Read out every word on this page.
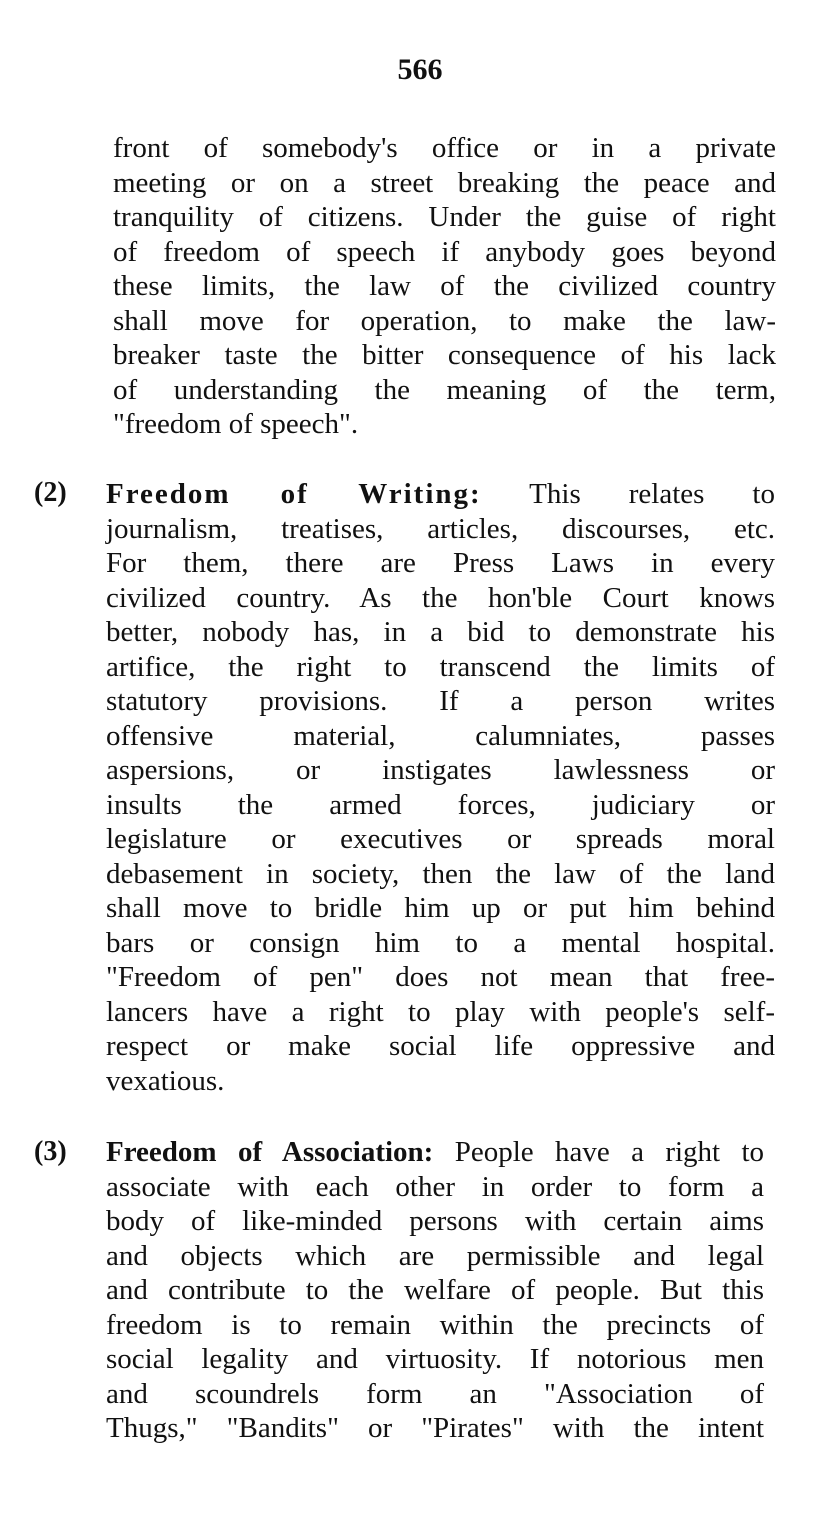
566
front of somebody's office or in a private
meeting or on a street breaking the peace and
tranquility of citizens. Under the guise of right
of freedom of speech if anybody goes beyond
these limits, the law of the civilized country
shall move for operation, to make the law-
breaker taste the bitter consequence of his lack
of understanding the meaning of the term,
"freedom of speech".
(2) Freedom of Writing: This relates to
journalism, treatises, articles, discourses, etc.
For them, there are Press Laws in every
civilized country. As the hon'ble Court knows
better, nobody has, in a bid to demonstrate his
artifice, the right to transcend the limits of
statutory provisions. If a person writes
offensive material, calumniates, passes
aspersions, or instigates lawlessness or
insults the armed forces, judiciary or
legislature or executives or spreads moral
debasement in society, then the law of the land
shall move to bridle him up or put him behind
bars or consign him to a mental hospital.
"Freedom of pen" does not mean that free-
lancers have a right to play with people's self-
respect or make social life oppressive and
vexatious.
(3) Freedom of Association: People have a right to
associate with each other in order to form a
body of like-minded persons with certain aims
and objects which are permissible and legal
and contribute to the welfare of people. But this
freedom is to remain within the precincts of
social legality and virtuosity. If notorious men
and scoundrels form an "Association of
Thugs," "Bandits" or "Pirates" with the intent
